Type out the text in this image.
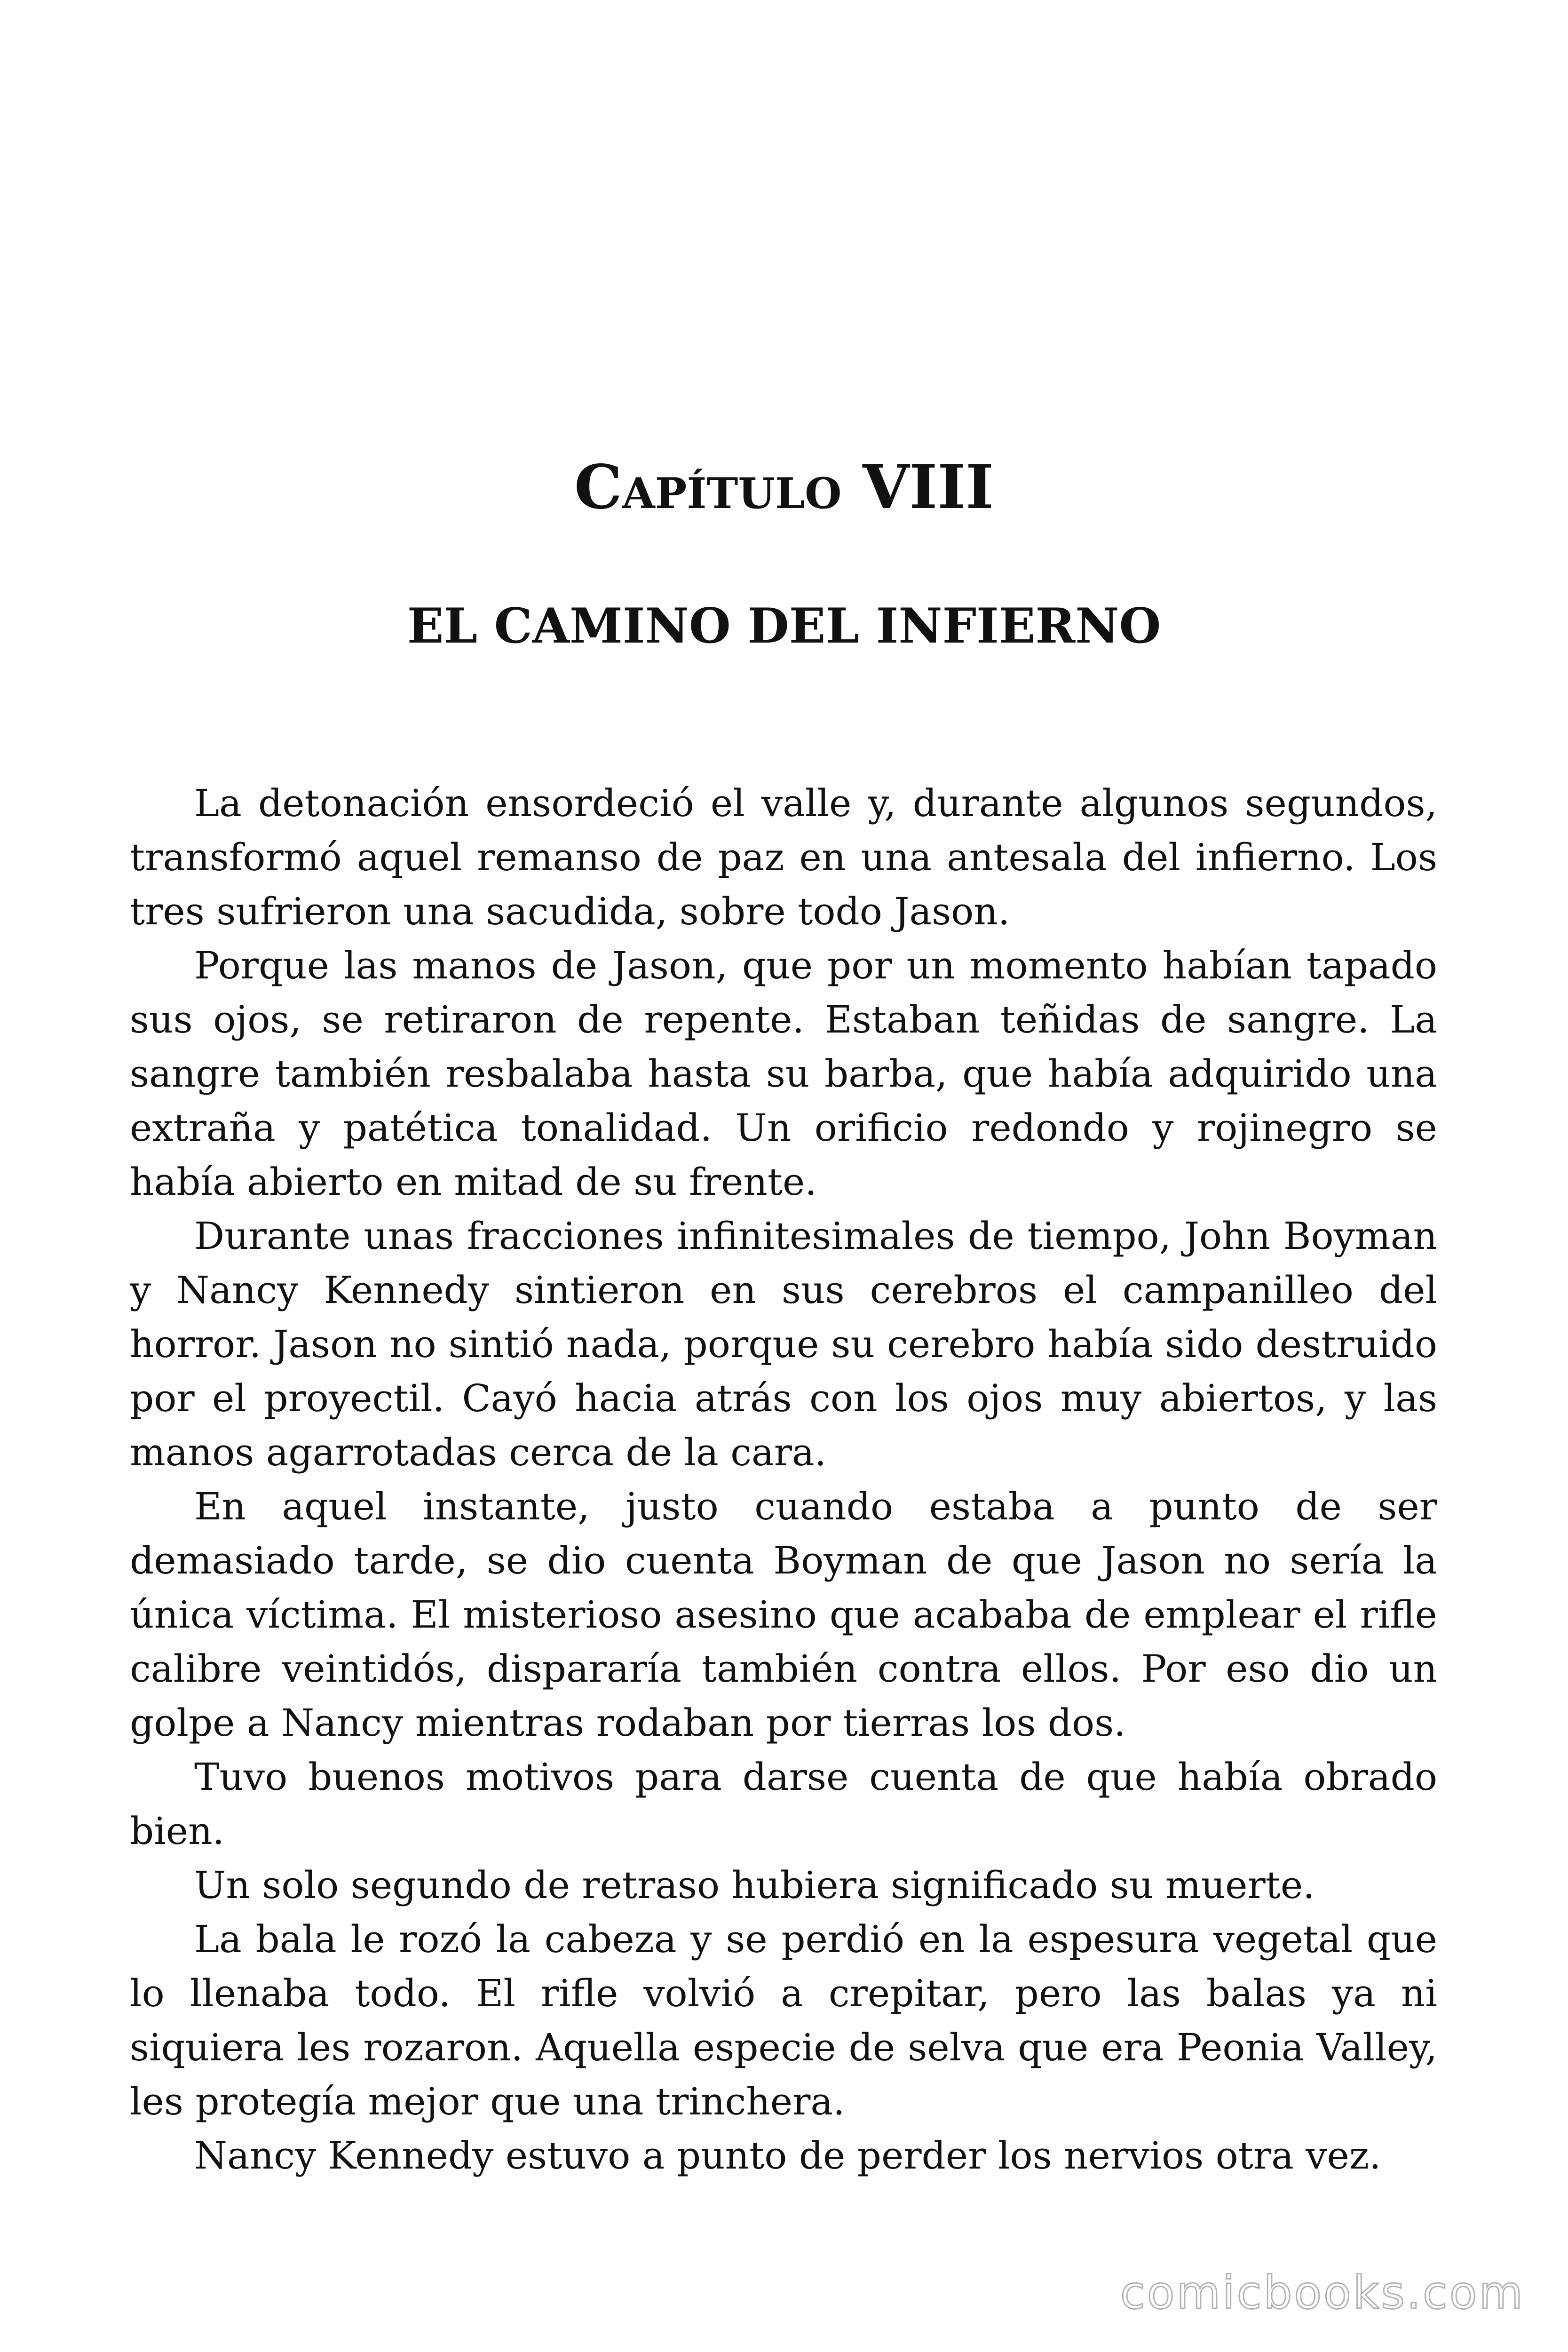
Capítulo VIII
EL CAMINO DEL INFIERNO

La detonación ensordeció el valle y, durante algunos segundos, transformó aquel remanso de paz en una antesala del infierno. Los tres sufrieron una sacudida, sobre todo Jason.

Porque las manos de Jason, que por un momento habían tapado sus ojos, se retiraron de repente. Estaban teñidas de sangre. La sangre también resbalaba hasta su barba, que había adquirido una extraña y patética tonalidad. Un orificio redondo y rojinegro se había abierto en mitad de su frente.

Durante unas fracciones infinitesimales de tiempo, John Boyman y Nancy Kennedy sintieron en sus cerebros el campanilleo del horror. Jason no sintió nada, porque su cerebro había sido destruido por el proyectil. Cayó hacia atrás con los ojos muy abiertos, y las manos agarrotadas cerca de la cara.

En aquel instante, justo cuando estaba a punto de ser demasiado tarde, se dio cuenta Boyman de que Jason no sería la única víctima. El misterioso asesino que acababa de emplear el rifle calibre veintidós, dispararía también contra ellos. Por eso dio un golpe a Nancy mientras rodaban por tierras los dos.

Tuvo buenos motivos para darse cuenta de que había obrado bien.

Un solo segundo de retraso hubiera significado su muerte.

La bala le rozó la cabeza y se perdió en la espesura vegetal que lo llenaba todo. El rifle volvió a crepitar, pero las balas ya ni siquiera les rozaron. Aquella especie de selva que era Peonia Valley, les protegía mejor que una trinchera.

Nancy Kennedy estuvo a punto de perder los nervios otra vez.

comicbooks.com
